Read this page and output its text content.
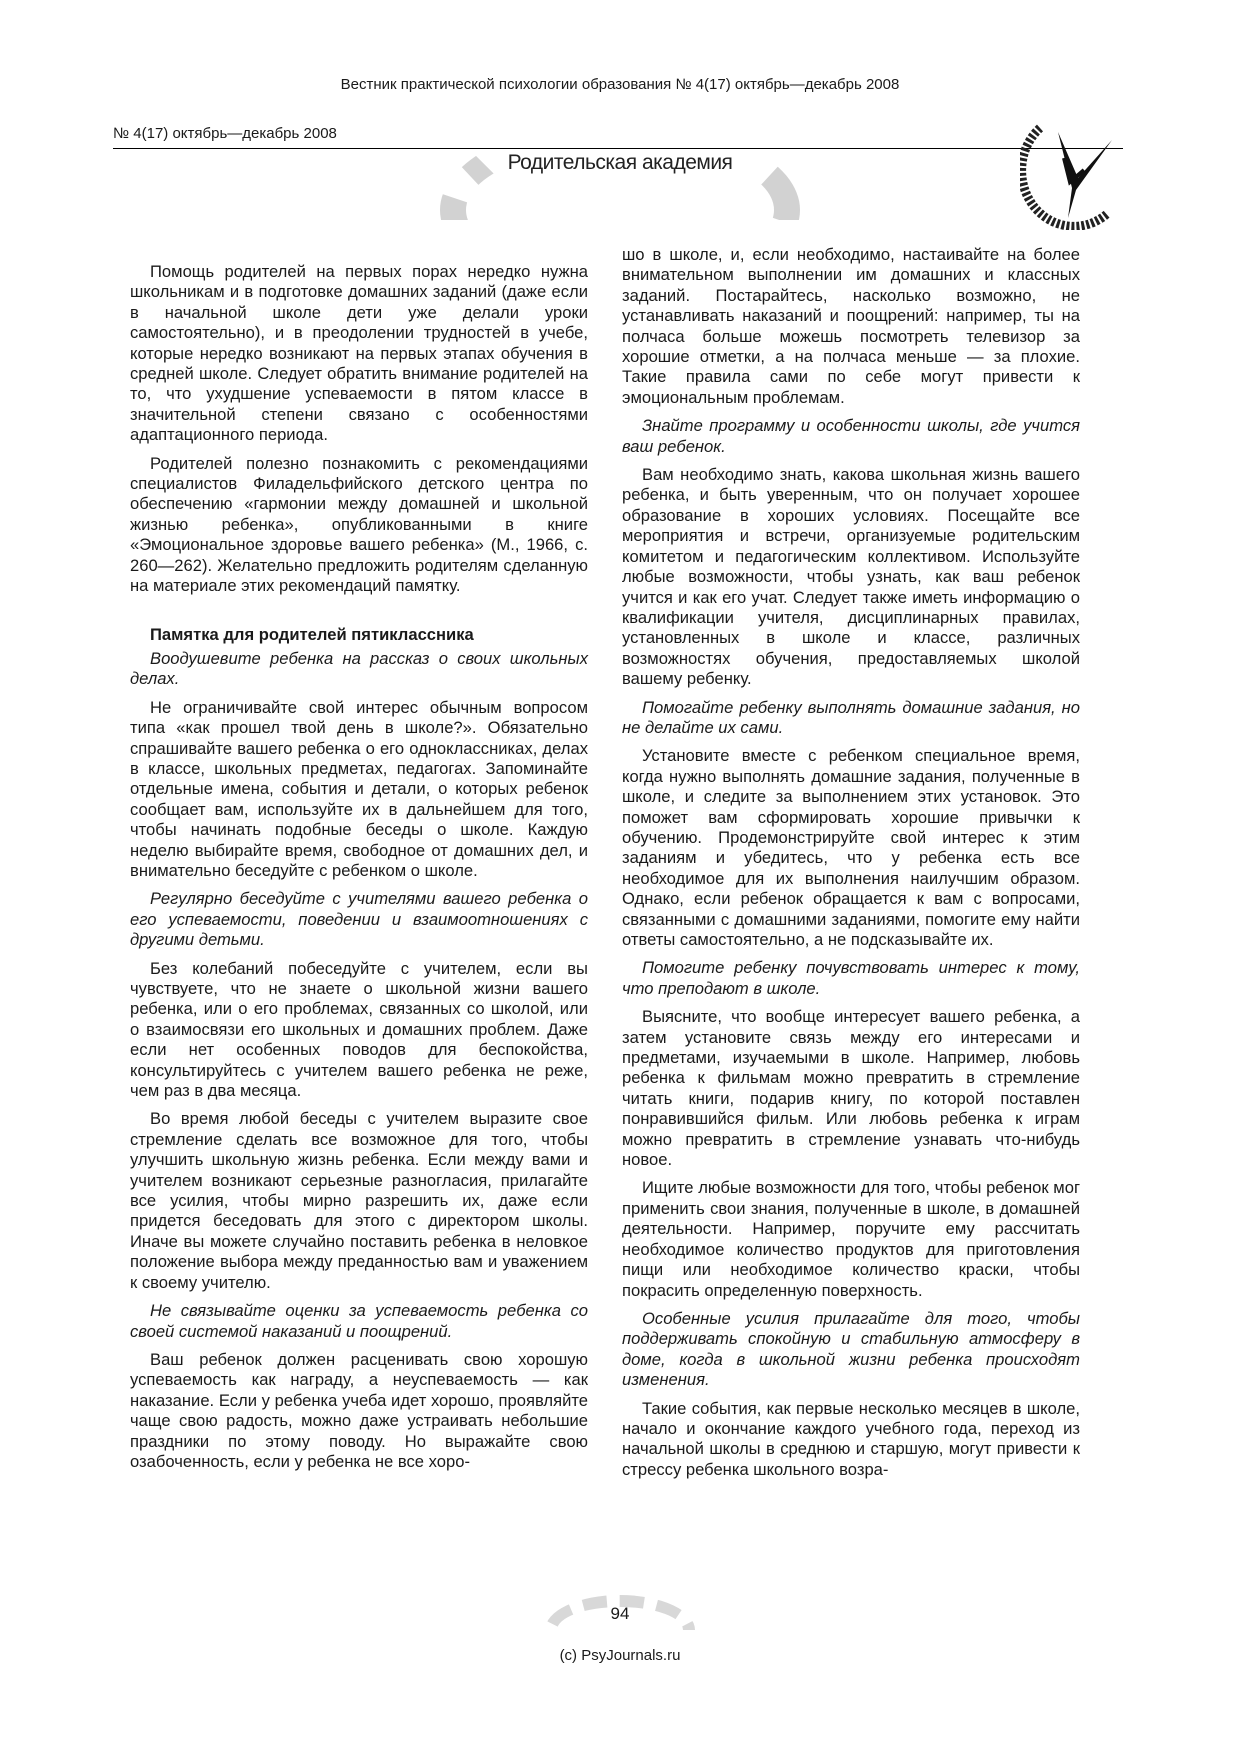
Вестник практической психологии образования № 4(17) октябрь—декабрь 2008
№ 4(17) октябрь—декабрь 2008
Родительская академия

Помощь родителей на первых порах нередко нужна школьникам и в подготовке домашних заданий (даже если в начальной школе дети уже делали уроки самостоятельно), и в преодолении трудностей в учебе, которые нередко возникают на первых этапах обучения в средней школе. Следует обратить внимание родителей на то, что ухудшение успеваемости в пятом классе в значительной степени связано с особенностями адаптационного периода.

Родителей полезно познакомить с рекомендациями специалистов Филадельфийского детского центра по обеспечению «гармонии между домашней и школьной жизнью ребенка», опубликованными в книге «Эмоциональное здоровье вашего ребенка» (М., 1966, с. 260—262). Желательно предложить родителям сделанную на материале этих рекомендаций памятку.

Памятка для родителей пятиклассника

Воодушевите ребенка на рассказ о своих школьных делах.

Не ограничивайте свой интерес обычным вопросом типа «как прошел твой день в школе?». Обязательно спрашивайте вашего ребенка о его одноклассниках, делах в классе, школьных предметах, педагогах. Запоминайте отдельные имена, события и детали, о которых ребенок сообщает вам, используйте их в дальнейшем для того, чтобы начинать подобные беседы о школе. Каждую неделю выбирайте время, свободное от домашних дел, и внимательно беседуйте с ребенком о школе.

Регулярно беседуйте с учителями вашего ребенка о его успеваемости, поведении и взаимоотношениях с другими детьми.

Без колебаний побеседуйте с учителем, если вы чувствуете, что не знаете о школьной жизни вашего ребенка, или о его проблемах, связанных со школой, или о взаимосвязи его школьных и домашних проблем. Даже если нет особенных поводов для беспокойства, консультируйтесь с учителем вашего ребенка не реже, чем раз в два месяца.

Во время любой беседы с учителем выразите свое стремление сделать все возможное для того, чтобы улучшить школьную жизнь ребенка. Если между вами и учителем возникают серьезные разногласия, прилагайте все усилия, чтобы мирно разрешить их, даже если придется беседовать для этого с директором школы. Иначе вы можете случайно поставить ребенка в неловкое положение выбора между преданностью вам и уважением к своему учителю.

Не связывайте оценки за успеваемость ребенка со своей системой наказаний и поощрений.

Ваш ребенок должен расценивать свою хорошую успеваемость как награду, а неуспеваемость — как наказание. Если у ребенка учеба идет хорошо, проявляйте чаще свою радость, можно даже устраивать небольшие праздники по этому поводу. Но выражайте свою озабоченность, если у ребенка не все хоро-

шо в школе, и, если необходимо, настаивайте на более внимательном выполнении им домашних и классных заданий. Постарайтесь, насколько возможно, не устанавливать наказаний и поощрений: например, ты на полчаса больше можешь посмотреть телевизор за хорошие отметки, а на полчаса меньше — за плохие. Такие правила сами по себе могут привести к эмоциональным проблемам.

Знайте программу и особенности школы, где учится ваш ребенок.

Вам необходимо знать, какова школьная жизнь вашего ребенка, и быть уверенным, что он получает хорошее образование в хороших условиях. Посещайте все мероприятия и встречи, организуемые родительским комитетом и педагогическим коллективом. Используйте любые возможности, чтобы узнать, как ваш ребенок учится и как его учат. Следует также иметь информацию о квалификации учителя, дисциплинарных правилах, установленных в школе и классе, различных возможностях обучения, предоставляемых школой вашему ребенку.

Помогайте ребенку выполнять домашние задания, но не делайте их сами.

Установите вместе с ребенком специальное время, когда нужно выполнять домашние задания, полученные в школе, и следите за выполнением этих установок. Это поможет вам сформировать хорошие привычки к обучению. Продемонстрируйте свой интерес к этим заданиям и убедитесь, что у ребенка есть все необходимое для их выполнения наилучшим образом. Однако, если ребенок обращается к вам с вопросами, связанными с домашними заданиями, помогите ему найти ответы самостоятельно, а не подсказывайте их.

Помогите ребенку почувствовать интерес к тому, что преподают в школе.

Выясните, что вообще интересует вашего ребенка, а затем установите связь между его интересами и предметами, изучаемыми в школе. Например, любовь ребенка к фильмам можно превратить в стремление читать книги, подарив книгу, по которой поставлен понравившийся фильм. Или любовь ребенка к играм можно превратить в стремление узнавать что-нибудь новое.

Ищите любые возможности для того, чтобы ребенок мог применить свои знания, полученные в школе, в домашней деятельности. Например, поручите ему рассчитать необходимое количество продуктов для приготовления пищи или необходимое количество краски, чтобы покрасить определенную поверхность.

Особенные усилия прилагайте для того, чтобы поддерживать спокойную и стабильную атмосферу в доме, когда в школьной жизни ребенка происходят изменения.

Такие события, как первые несколько месяцев в школе, начало и окончание каждого учебного года, переход из начальной школы в среднюю и старшую, могут привести к стрессу ребенка школьного возра-

94
(c) PsyJournals.ru
